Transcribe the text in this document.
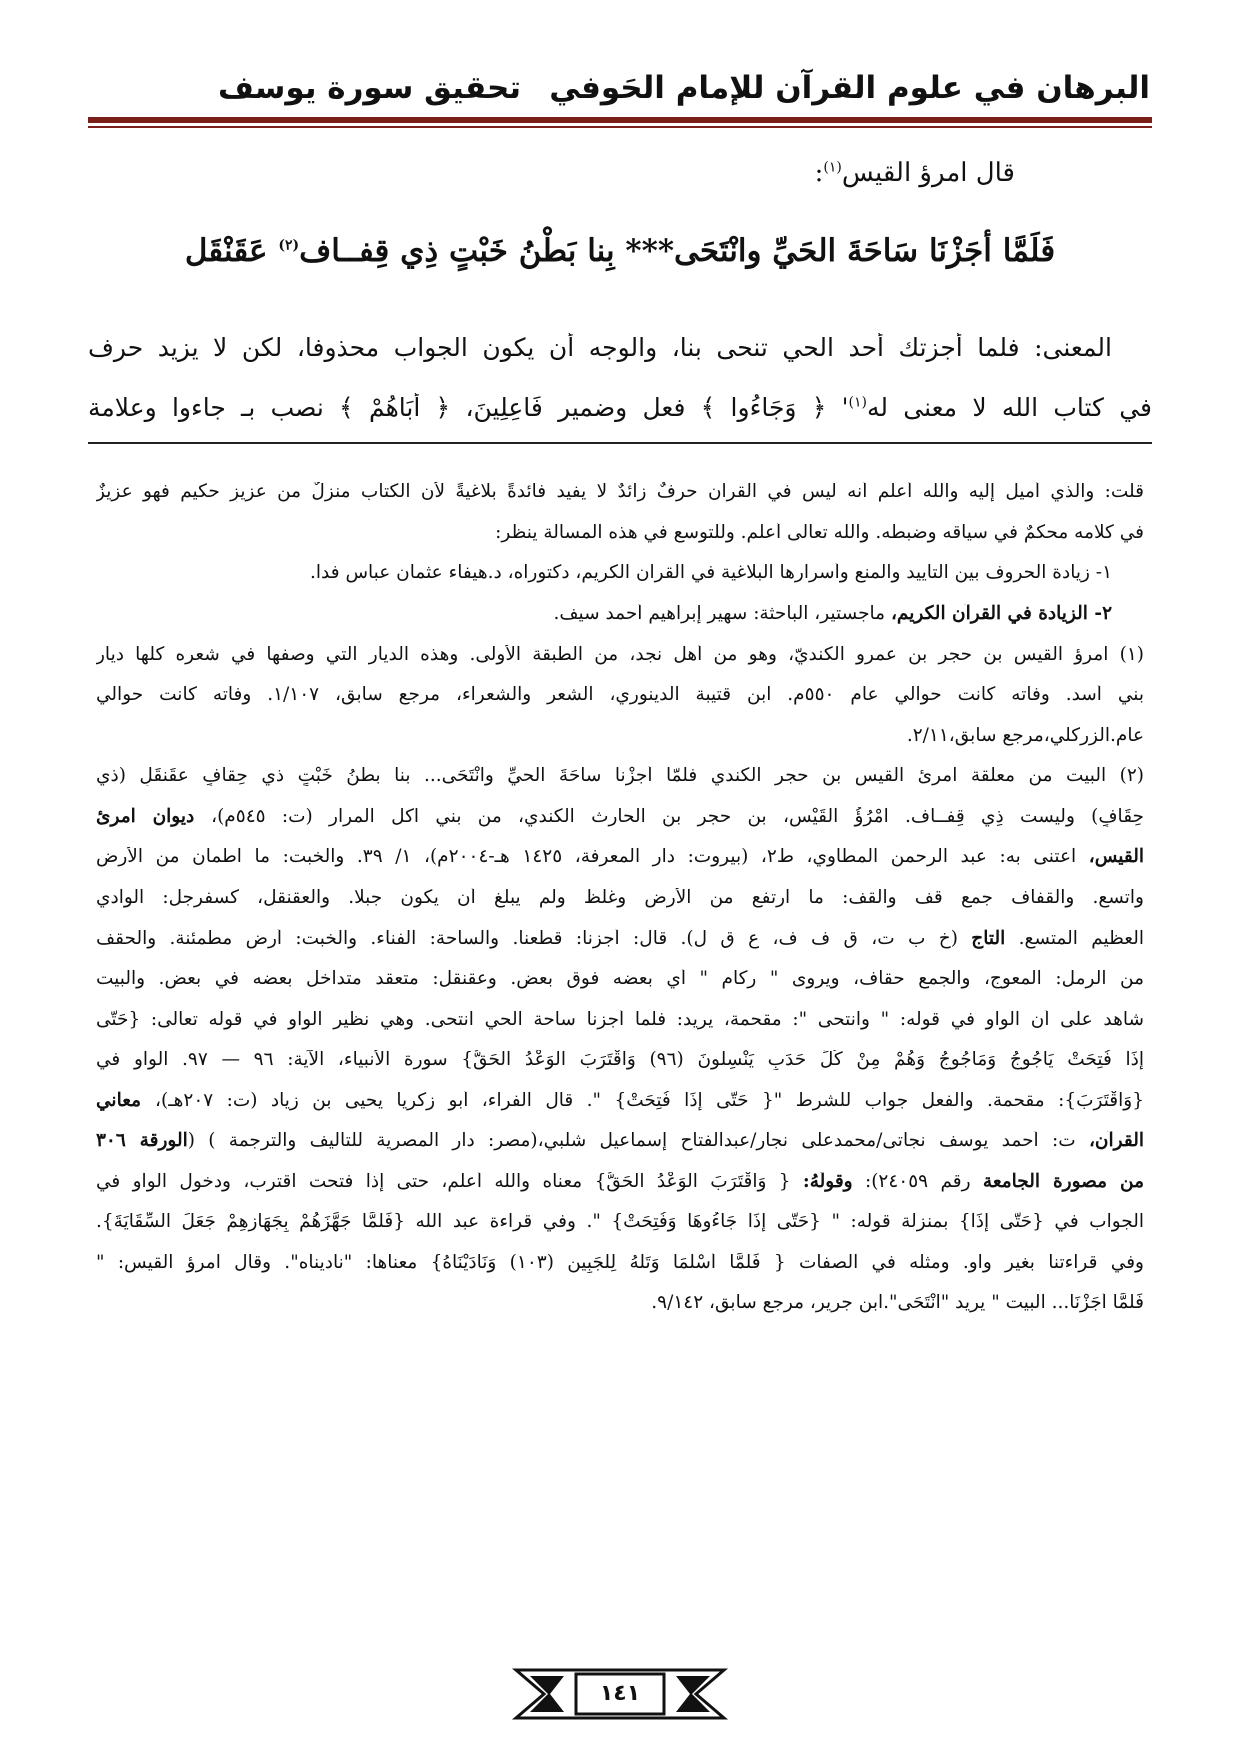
البرهان في علوم القرآن للإمام الحَوفي
تحقيق سورة يوسف
قال امرؤ القيس$^{(١)}$:
فَلَمَّا أجَزْنَا سَاحَةَ الحَيِّ وانْتَحَى*** بِنا بَطْنُ خَبْتٍ ذِي قِفــاف$^{(٢)}$ عَقَنْقَل
المعنى: فلما أجزتك أحد الحي تنحى بنا، والوجه أن يكون الجواب محذوفا، لكن لا يزيد حرف
في كتاب الله لا معنى له$^{(١)}$' ﴿ وَجَاءُوا ﴾ فعل وضمير فَاعِلِينَ، ﴿ أَبَاهُمْ ﴾ نصب بـ جاءوا وعلامة
قلت: والذي أميل إليه والله أعلم أنه ليس في القرآن حرفٌ زائدٌ لا يفيد فائدةً بلاغيةً لأن الكتاب منزلٌ من عزيزٍ حكيمٍ فهو عزيزٌ
في كلامه محكمٌ في سياقه وضبطه. والله تعالى أعلم. وللتوسع في هذه المسألة ينظر:
١- زيادة الحروف بين التأييد والمنع وأسرارها البلاغية في القرآن الكريم، دكتوراه، د.هيفاء عثمان عباس فدا.
٢- الزيادة في القرآن الكريم، ماجستير، الباحثة: سهير إبراهيم أحمد سيف.
(١) امرؤ القيس بن حجر بن عمرو الكنديّ، وهو من أهل نجد، من الطبقة الأولى. وهذه الديار التي وصفها في شعره كلّها ديار
بني أسد. وفاته كانت حوالي عام ٥٥٠م. ابن قتيبة الدينوري، الشعر والشعراء، مرجع سابق، ١/١٠٧. وفاته كانت حوالي
عام.الزركلي،مرجع سابق،٢/١١.
(٢) البيت من معلقة امرئ القيس بن حجر الكندي فلمّا أجزْنا ساحَةَ الحيِّ وانْتَحَى... بنا بطنُ خَبْتٍ ذي حِقافٍ عقَنقَلِ (ذي
حِقَافٍ) وليست ذِي قِفــاف. امْرُؤُ القَيْس، بن حجر بن الحارث الكندي، من بني آكل المرار (ت: ٥٤٥م)، ديوان امرئ
القيس، اعتنى به: عبد الرحمن المطاوي، ط٢، (بيروت: دار المعرفة، ١٤٢٥ هـ-٢٠٠٤م)، ١/ ٣٩. والخبت: ما اطمأن من الأرض
واتسع. والقفاف جمع قف والقف: ما ارتفع من الأرض وغلظ ولم يبلغ أن يكون جبلا. والعقنقل، كسفرجل: الوادي
العظيم المتسع. التاج (خ ب ت، ق ف ف، ع ق ل). قال: أجزنا: قطعنا. والساحة: الفناء. والخبت: أرض مطمئنة. والحقف
من الرمل: المعوج، والجمع حقاف، ويروى " ركام " أي بعضه فوق بعض. وعقنقل: متعقد متداخل بعضه في بعض. والبيت
شاهد على أن الواو في قوله: " وانتحى ": مقحمة، يريد: فلما أجزنا ساحة الحي انتحى. وهي نظير الواو في قوله تعالى: {حَتَّى
إِذَا فُتِحَتْ يَأْجُوجُ وَمَأْجُوجُ وَهُمْ مِنْ كُلِّ حَدَبٍ يَنْسِلُونَ (٩٦) وَاقْتَرَبَ الْوَعْدُ الْحَقُّ} سورة الأنبياء، الآية: ٩٦ — ٩٧. الواو في
{وَاقْتَرَبَ}: مقحمة. والفعل جواب للشرط "{ حَتَّى إِذَا فُتِحَتْ} ". قال الفراء، أبو زكريا يحيى بن زياد (ت: ٢٠٧هـ)، معاني
القرآن، ت: أحمد يوسف نجاتى/محمدعلى نجار/عبدالفتاح إسماعيل شلبي،(مصر: دار المصرية للتأليف والترجمة ) (الورقة ٣٠٦
من مصورة الجامعة رقم ٢٤٠٥٩): وقولُهُ: { وَاقْتَرَبَ الْوَعْدُ الْحَقُّ} معناه والله أعلم، حتى إذا فتحت اقترب، ودخول الواو في
الجواب في {حَتَّى إِذَا} بمنزلة قوله: " {حَتَّى إِذَا جَاءُوهَا وَفُتِحَتْ} ". وفي قراءة عبد الله {فَلَمَّا جَهَّزَهُمْ بِجَهَازِهِمْ جَعَلَ السِّقَايَةَ}.
وفي قراءتنا بغير واو. ومثله في الصفات { فَلَمَّا أَسْلَمَا وَتَلَّهُ لِلْجَبِينِ (١٠٣) وَنَادَيْنَاهُ} معناها: "ناديناه". وقال امرؤ القيس: "
فَلَمَّا أَجَزْنَا... البيت " يريد "انْتَحَى".ابن جرير، مرجع سابق، ٩/١٤٢.
١٤١
